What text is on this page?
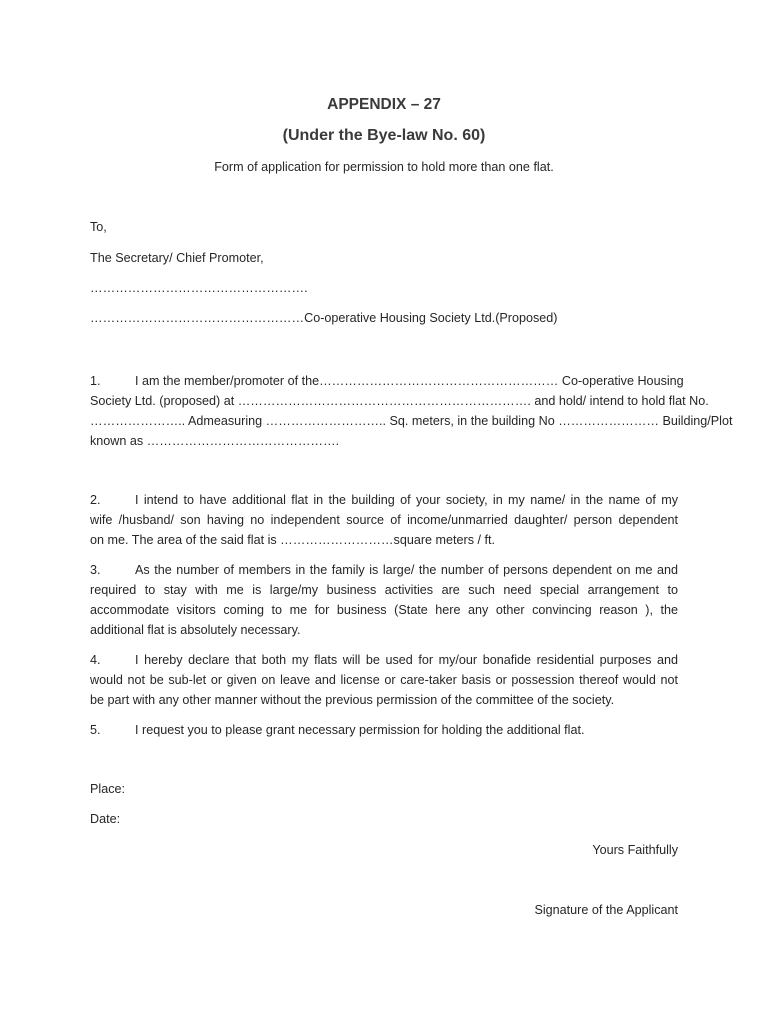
APPENDIX – 27
(Under the Bye-law No. 60)
Form of application for permission to hold more than one flat.
To,
The Secretary/ Chief Promoter,
…………………………………………….
……………………………………………Co-operative Housing Society Ltd.(Proposed)
1.	I am the member/promoter of the………………………………………………… Co-operative Housing
Society Ltd. (proposed) at ……………………………………………………………. and hold/ intend to hold flat No.
………………….. Admeasuring ……………………….. Sq. meters, in the building No …………………… Building/Plot
known as ……………………………………….
2.	I intend to have additional flat in the building of your society, in my name/ in the name of my
wife /husband/ son having no independent source of income/unmarried daughter/ person dependent
on me. The area of the said flat is ………………………square meters / ft.
3.	As the number of members in the family is large/ the number of persons dependent on me and
required to stay with me is large/my business activities are such need special arrangement to
accommodate visitors coming to me for business (State here any other convincing reason ), the
additional flat is absolutely necessary.
4.	I hereby declare that both my flats will be used for my/our bonafide residential purposes and
would not be sub-let or given on leave and license or care-taker basis or possession thereof would not
be part with any other manner without the previous permission of the committee of the society.
5.	I request you to please grant necessary permission for holding the additional flat.
Place:
Date:
Yours Faithfully
Signature of the Applicant
